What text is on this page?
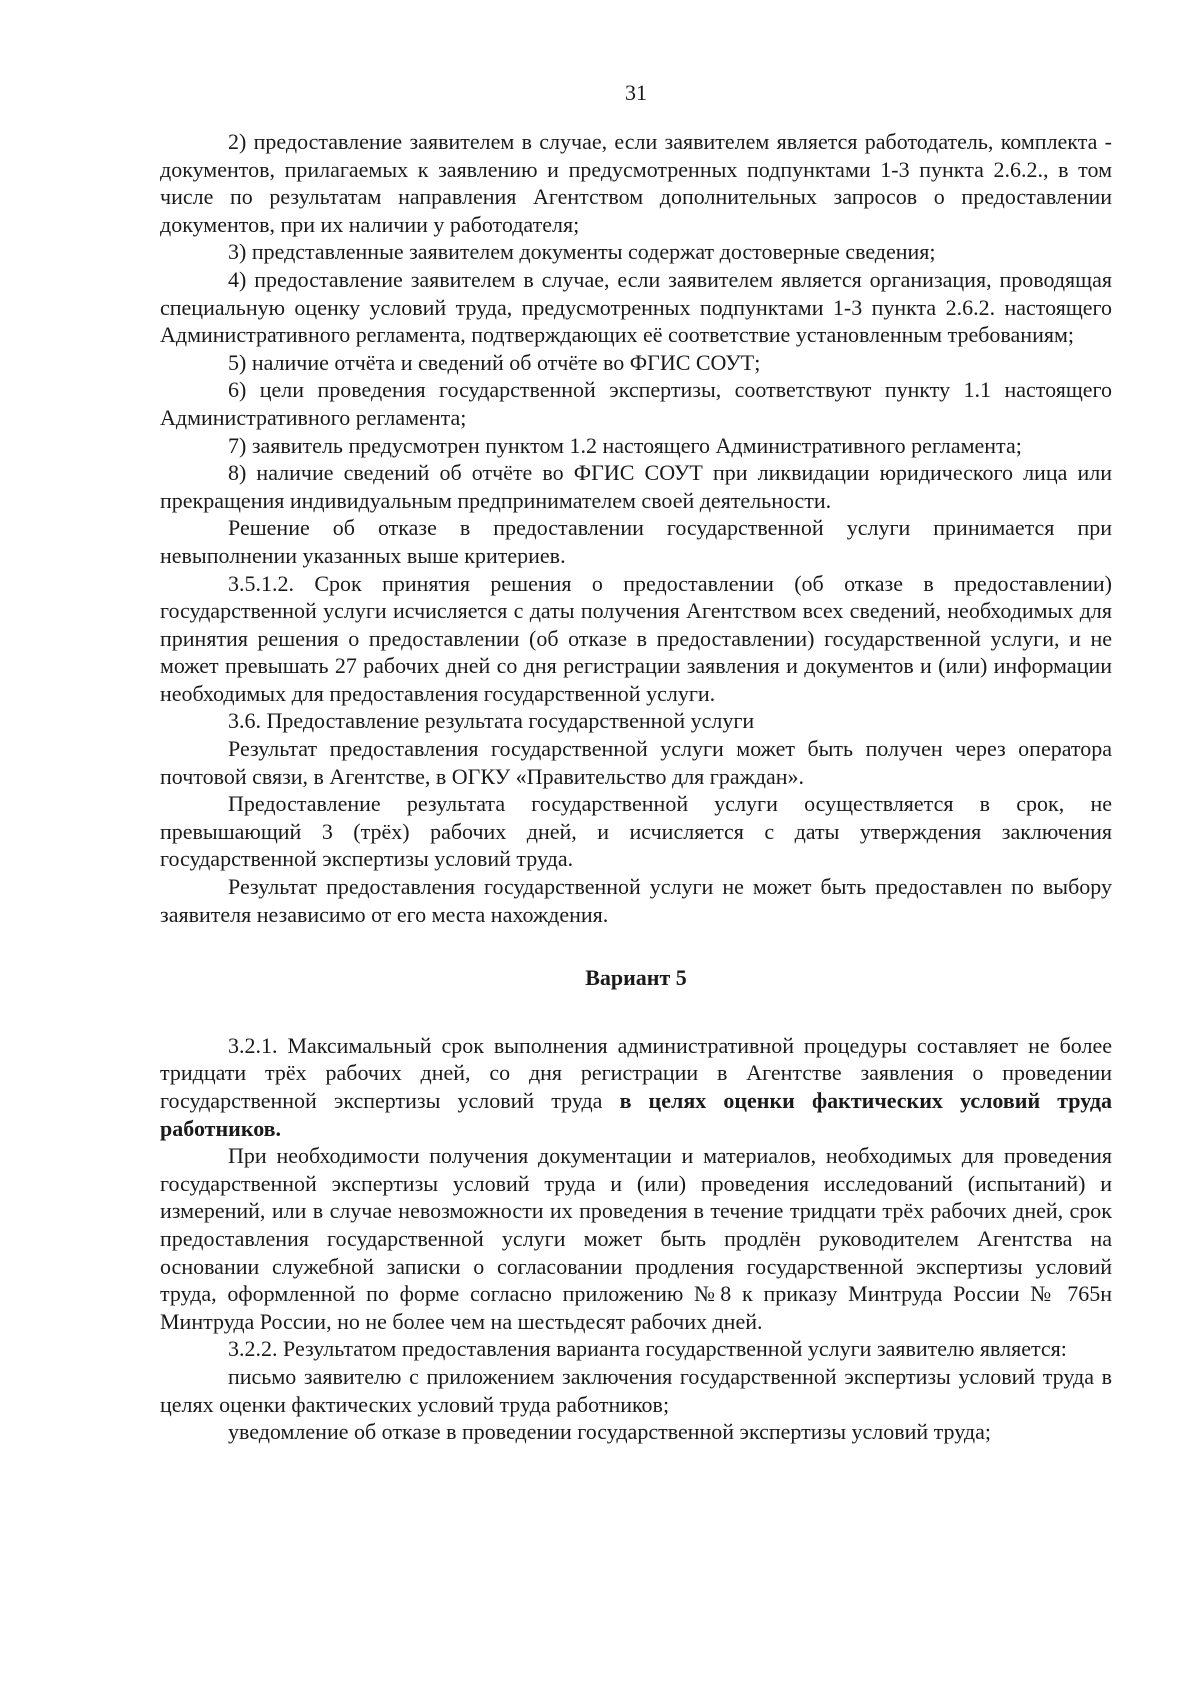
31

2) предоставление заявителем в случае, если заявителем является работодатель, комплекта - документов, прилагаемых к заявлению и предусмотренных подпунктами 1-3 пункта 2.6.2., в том числе по результатам направления Агентством дополнительных запросов о предоставлении документов, при их наличии у работодателя;

3) представленные заявителем документы содержат достоверные сведения;

4) предоставление заявителем в случае, если заявителем является организация, проводящая специальную оценку условий труда, предусмотренных подпунктами 1-3 пункта 2.6.2. настоящего Административного регламента, подтверждающих её соответствие установленным требованиям;

5) наличие отчёта и сведений об отчёте во ФГИС СОУТ;

6) цели проведения государственной экспертизы, соответствуют пункту 1.1 настоящего Административного регламента;

7) заявитель предусмотрен пунктом 1.2 настоящего Административного регламента;

8) наличие сведений об отчёте во ФГИС СОУТ при ликвидации юридического лица или прекращения индивидуальным предпринимателем своей деятельности.

Решение об отказе в предоставлении государственной услуги принимается при невыполнении указанных выше критериев.

3.5.1.2. Срок принятия решения о предоставлении (об отказе в предоставлении) государственной услуги исчисляется с даты получения Агентством всех сведений, необходимых для принятия решения о предоставлении (об отказе в предоставлении) государственной услуги, и не может превышать 27 рабочих дней со дня регистрации заявления и документов и (или) информации необходимых для предоставления государственной услуги.

3.6. Предоставление результата государственной услуги

Результат предоставления государственной услуги может быть получен через оператора почтовой связи, в Агентстве, в ОГКУ «Правительство для граждан».

Предоставление результата государственной услуги осуществляется в срок, не превышающий 3 (трёх) рабочих дней, и исчисляется с даты утверждения заключения государственной экспертизы условий труда.

Результат предоставления государственной услуги не может быть предоставлен по выбору заявителя независимо от его места нахождения.

Вариант 5

3.2.1. Максимальный срок выполнения административной процедуры составляет не более тридцати трёх рабочих дней, со дня регистрации в Агентстве заявления о проведении государственной экспертизы условий труда в целях оценки фактических условий труда работников.

При необходимости получения документации и материалов, необходимых для проведения государственной экспертизы условий труда и (или) проведения исследований (испытаний) и измерений, или в случае невозможности их проведения в течение тридцати трёх рабочих дней, срок предоставления государственной услуги может быть продлён руководителем Агентства на основании служебной записки о согласовании продления государственной экспертизы условий труда, оформленной по форме согласно приложению №8 к приказу Минтруда России № 765н Минтруда России, но не более чем на шестьдесят рабочих дней.

3.2.2. Результатом предоставления варианта государственной услуги заявителю является:

письмо заявителю с приложением заключения государственной экспертизы условий труда в целях оценки фактических условий труда работников;

уведомление об отказе в проведении государственной экспертизы условий труда;
